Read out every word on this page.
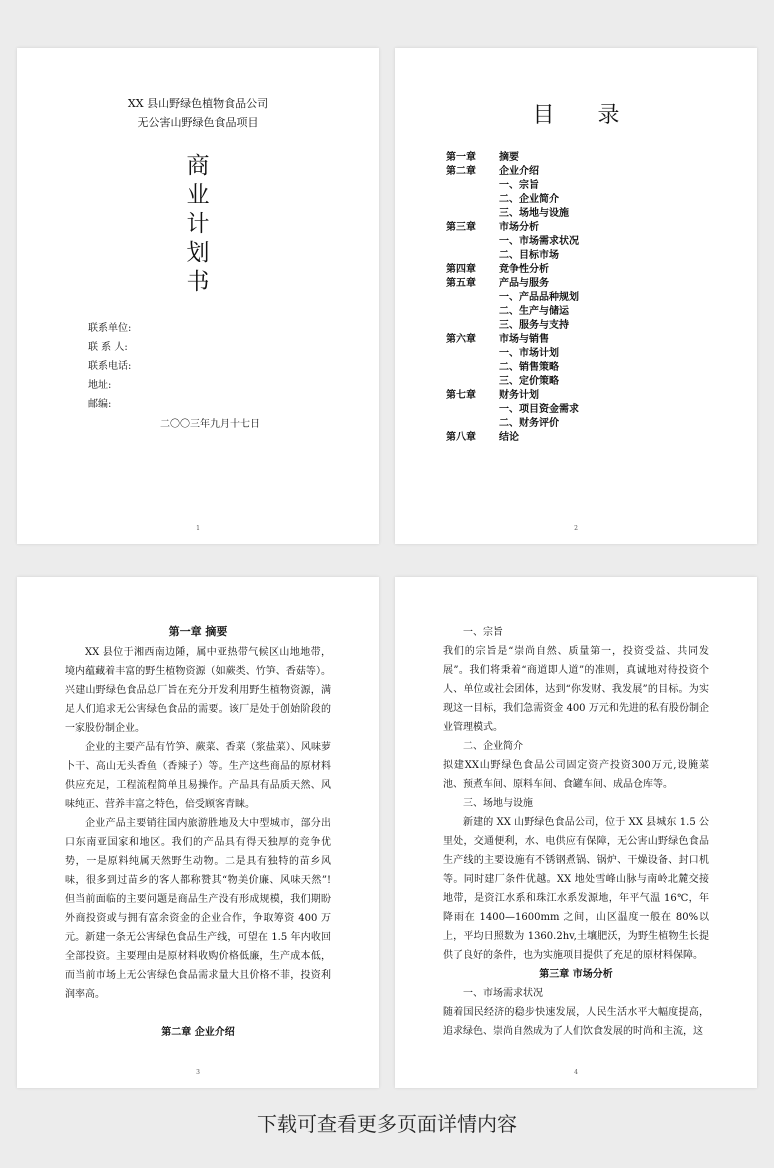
XX 县山野绿色植物食品公司
无公害山野绿色食品项目
商
业
计
划
书
联系单位:
联 系 人:
联系电话:
地址:
邮编:
二〇〇三年九月十七日
1
目 录
第一章	摘要
第二章	企业介绍
一、宗旨
二、企业简介
三、场地与设施
第三章	市场分析
一、市场需求状况
二、目标市场
第四章	竞争性分析
第五章	产品与服务
一、产品品种规划
二、生产与储运
三、服务与支持
第六章	市场与销售
一、市场计划
二、销售策略
三、定价策略
第七章	财务计划
一、项目资金需求
二、财务评价
第八章	结论
2
第一章 摘要

XX 县位于湘西南边陲，属中亚热带气候区山地地带，境内蕴藏着丰富的野生植物资源（如蕨类、竹笋、香菇等）。兴建山野绿色食品总厂旨在充分开发利用野生植物资源，满足人们追求无公害绿色食品的需要。该厂是处于创始阶段的一家股份制企业。

企业的主要产品有竹笋、蕨菜、香菜（浆盐菜）、风味萝卜干、高山无头香鱼（香辣子）等。生产这些商品的原材料供应充足，工程流程简单且易操作。产品具有品质天然、风味纯正、营养丰富之特色，倍受顾客青睐。

企业产品主要销往国内旅游胜地及大中型城市，部分出口东南亚国家和地区。我们的产品具有得天独厚的竞争优势，一是原料纯属天然野生动物。二是具有独特的苗乡风味，很多到过苗乡的客人都称赞其“物美价廉、风味天然”! 但当前面临的主要问题是商品生产没有形成规模，我们期盼外商投资或与拥有富余资金的企业合作，争取筹资 400 万元。新建一条无公害绿色食品生产线，可望在 1.5 年内收回全部投资。主要理由是原材料收购价格低廉，生产成本低，而当前市场上无公害绿色食品需求量大且价格不菲，投资利润率高。

第二章 企业介绍
3

一、宗旨

我们的宗旨是“崇尚自然、质量第一，投资受益、共同发展”。我们将秉着“商道即人道”的准则，真诚地对待投资个人、单位或社会团体，达到“你发财、我发展”的目标。为实现这一目标，我们急需资金 400 万元和先进的私有股份制企业管理模式。

二、企业简介

拟建XX山野绿色食品公司固定资产投资300万元,设腌菜池、预煮车间、原料车间、食罐车间、成品仓库等。

三、场地与设施

新建的 XX 山野绿色食品公司，位于 XX 县城东 1.5 公里处，交通便利，水、电供应有保障，无公害山野绿色食品生产线的主要设施有不锈钢煮锅、锅炉、干燥设备、封口机等。同时建厂条件优越。XX 地处雪峰山脉与南岭北麓交接地带，是资江水系和珠江水系发源地，年平气温 16℃，年降雨在 1400—1600mm 之间，山区温度一般在 80%以上，平均日照数为 1360.2hv,土壤肥沃，为野生植物生长提供了良好的条件，也为实施项目提供了充足的原材料保障。

第三章 市场分析

一、市场需求状况

随着国民经济的稳步快速发展，人民生活水平大幅度提高，追求绿色、崇尚自然成为了人们饮食发展的时尚和主流，这

4
下载可查看更多页面详情内容
